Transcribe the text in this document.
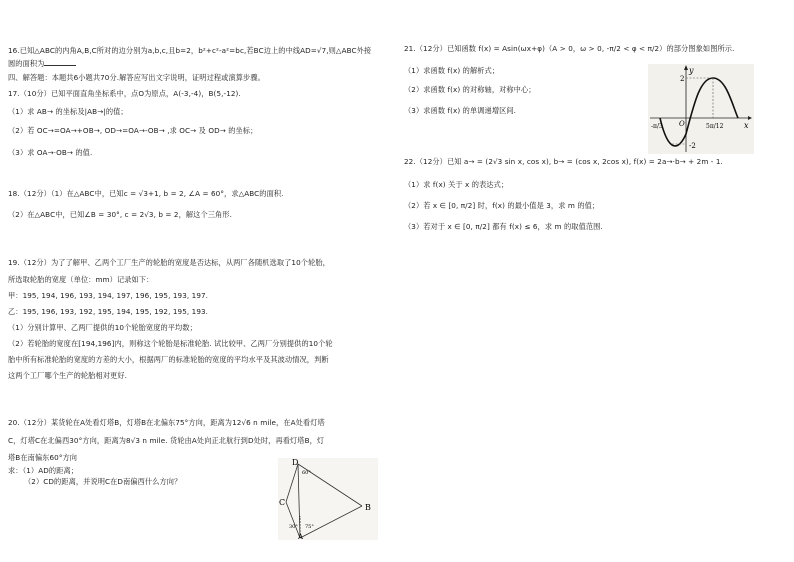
16.已知△ABC的内角A,B,C所对的边分别为a,b,c,且b=2，b²+c²-a²=bc,若BC边上的中线AD=√7,则△ABC外接
圆的面积为
四、解答题：本题共6小题共70分.解答应写出文字说明，证明过程或演算步骤。
17.（10分）已知平面直角坐标系中，点O为原点，A(-3,-4)，B(5,-12).
（1）求 AB→ 的坐标及|AB→|的值；
（2）若 OC→=OA→+OB→, OD→=OA→-OB→ ,求 OC→ 及 OD→ 的坐标；
（3）求 OA→·OB→ 的值.
18.（12分）（1）在△ABC中，已知c = √3+1, b = 2, ∠A = 60°，求△ABC的面积.
（2）在△ABC中，已知∠B = 30°, c = 2√3, b = 2，解这个三角形.
19.（12分）为了了解甲、乙两个工厂生产的轮胎的宽度是否达标，从两厂各随机选取了10个轮胎，
所选取轮胎的宽度（单位：mm）记录如下：
甲：195, 194, 196, 193, 194, 197, 196, 195, 193, 197.
乙：195, 196, 193, 192, 195, 194, 195, 192, 195, 193.
（1）分别计算甲、乙两厂提供的10个轮胎宽度的平均数；
（2）若轮胎的宽度在[194,196]内，则称这个轮胎是标准轮胎. 试比较甲、乙两厂分别提供的10个轮
胎中所有标准轮胎的宽度的方差的大小，根据两厂的标准轮胎的宽度的平均水平及其波动情况，判断
这两个工厂哪个生产的轮胎相对更好.
20.（12分）某货轮在A处看灯塔B，灯塔B在北偏东75°方向，距离为12√6 n mile，在A处看灯塔
C，灯塔C在北偏西30°方向，距离为8√3 n mile. 货轮由A处向正北航行到D处时，再看灯塔B，灯
塔B在南偏东60°方向
求：（1）AD的距离；
（2）CD的距离，并说明C在D南偏西什么方向？
D
B
C
A
60°
75°
30°
21.（12分）已知函数 f(x) = Asin(ωx+φ)（A > 0，ω > 0, -π/2 < φ < π/2）的部分图象如图所示.
（1）求函数 f(x) 的解析式；
（2）求函数 f(x) 的对称轴，对称中心；
（3）求函数 f(x) 的单调递增区间.
y
x
2
-2
O
-π/3	5π/12
22.（12分）已知 a→ = (2√3 sin x, cos x), b→ = (cos x, 2cos x), f(x) = 2a→·b→ + 2m - 1.
（1）求 f(x) 关于 x 的表达式；
（2）若 x ∈ [0, π/2] 时，f(x) 的最小值是 3，求 m 的值；
（3）若对于 x ∈ [0, π/2] 都有 f(x) ≤ 6，求 m 的取值范围.
